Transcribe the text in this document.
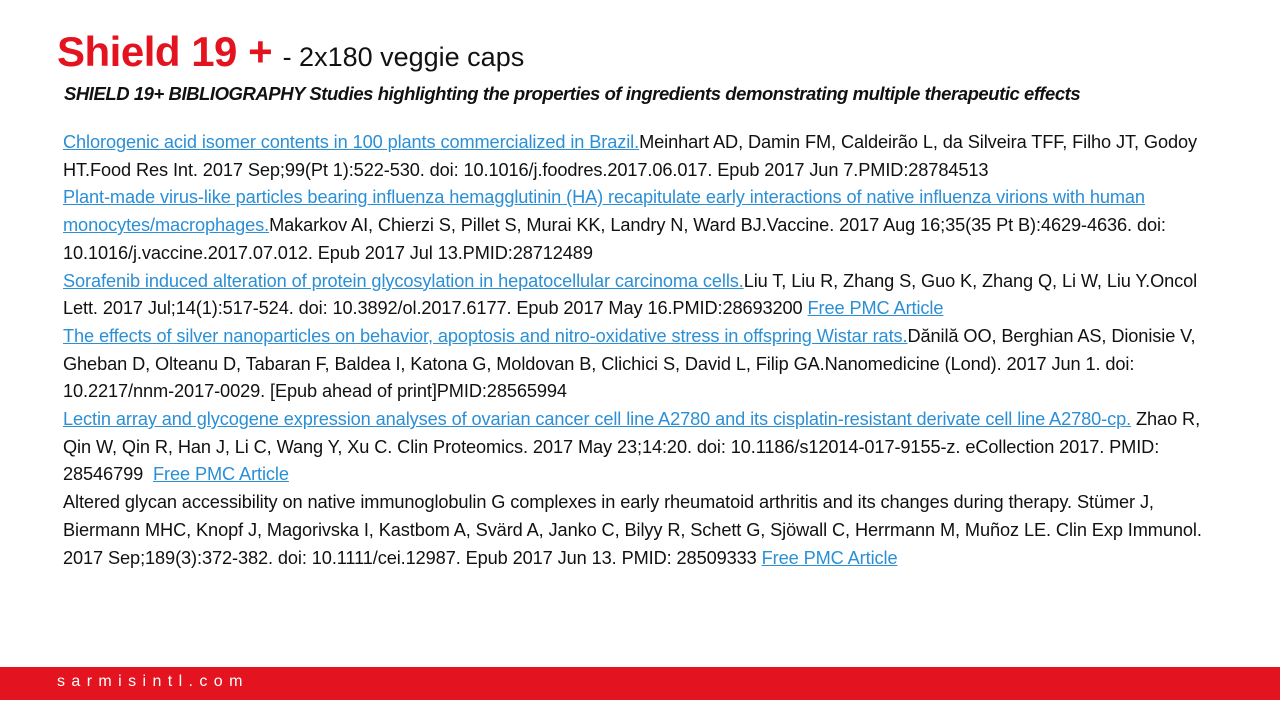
Shield 19 + - 2x180 veggie caps
SHIELD 19+ BIBLIOGRAPHY Studies highlighting the properties of ingredients demonstrating multiple therapeutic effects
Chlorogenic acid isomer contents in 100 plants commercialized in Brazil.Meinhart AD, Damin FM, Caldeirão L, da Silveira TFF, Filho JT, Godoy HT.Food Res Int. 2017 Sep;99(Pt 1):522-530. doi: 10.1016/j.foodres.2017.06.017. Epub 2017 Jun 7.PMID:28784513
Plant-made virus-like particles bearing influenza hemagglutinin (HA) recapitulate early interactions of native influenza virions with human monocytes/macrophages.Makarkov AI, Chierzi S, Pillet S, Murai KK, Landry N, Ward BJ.Vaccine. 2017 Aug 16;35(35 Pt B):4629-4636. doi: 10.1016/j.vaccine.2017.07.012. Epub 2017 Jul 13.PMID:28712489
Sorafenib induced alteration of protein glycosylation in hepatocellular carcinoma cells.Liu T, Liu R, Zhang S, Guo K, Zhang Q, Li W, Liu Y.Oncol Lett. 2017 Jul;14(1):517-524. doi: 10.3892/ol.2017.6177. Epub 2017 May 16.PMID:28693200 Free PMC Article
The effects of silver nanoparticles on behavior, apoptosis and nitro-oxidative stress in offspring Wistar rats.Dănilă OO, Berghian AS, Dionisie V, Gheban D, Olteanu D, Tabaran F, Baldea I, Katona G, Moldovan B, Clichici S, David L, Filip GA.Nanomedicine (Lond). 2017 Jun 1. doi: 10.2217/nnm-2017-0029. [Epub ahead of print]PMID:28565994
Lectin array and glycogene expression analyses of ovarian cancer cell line A2780 and its cisplatin-resistant derivate cell line A2780-cp. Zhao R, Qin W, Qin R, Han J, Li C, Wang Y, Xu C. Clin Proteomics. 2017 May 23;14:20. doi: 10.1186/s12014-017-9155-z. eCollection 2017. PMID: 28546799  Free PMC Article
Altered glycan accessibility on native immunoglobulin G complexes in early rheumatoid arthritis and its changes during therapy. Stümer J, Biermann MHC, Knopf J, Magorivska I, Kastbom A, Svärd A, Janko C, Bilyy R, Schett G, Sjöwall C, Herrmann M, Muñoz LE. Clin Exp Immunol. 2017 Sep;189(3):372-382. doi: 10.1111/cei.12987. Epub 2017 Jun 13. PMID: 28509333 Free PMC Article
sarmisintl.com
